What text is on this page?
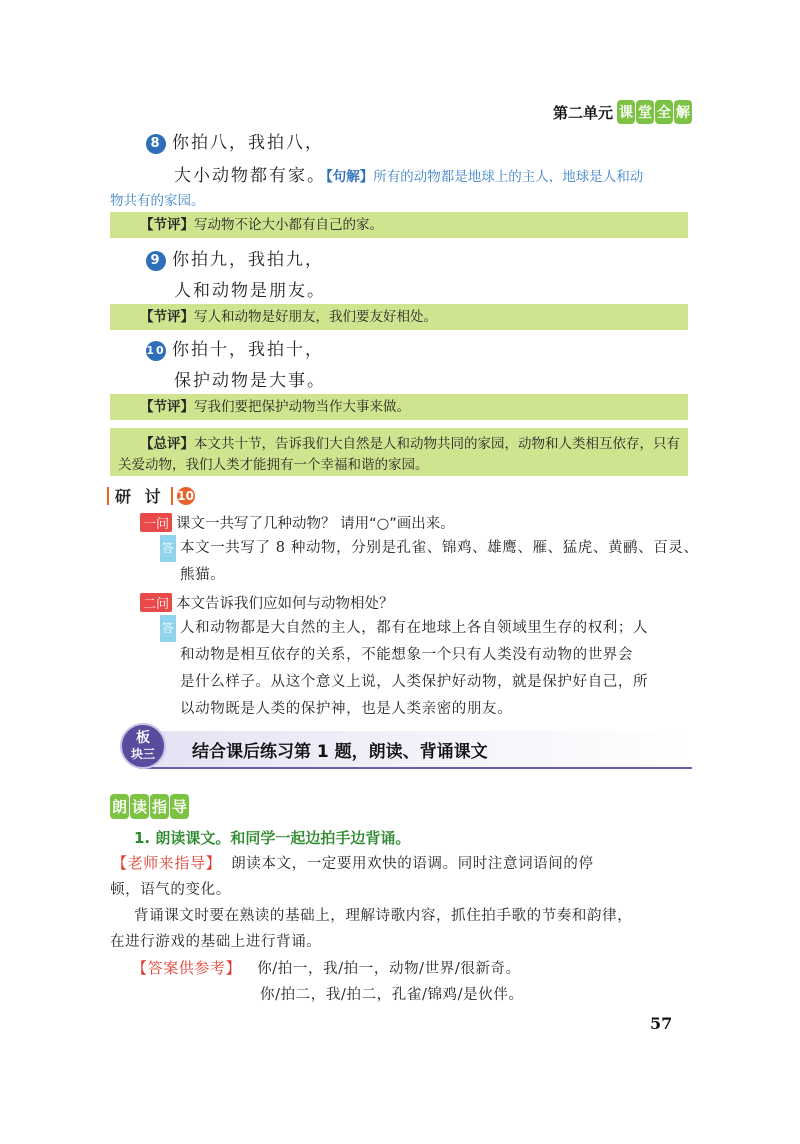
第二单元 课 堂 全 解
8 你拍八，我拍八，
大小动物都有家。【句解】所有的动物都是地球上的主人，地球是人和动
物共有的家园。
【节评】写动物不论大小都有自己的家。
9 你拍九，我拍九，
人和动物是朋友。
【节评】写人和动物是好朋友，我们要友好相处。
10 你拍十，我拍十，
保护动物是大事。
【节评】写我们要把保护动物当作大事来做。
【总评】本文共十节，告诉我们大自然是人和动物共同的家园，动物和人类相互依存，只有关爱动物，我们人类才能拥有一个幸福和谐的家园。
研 讨 10
一问 课文一共写了几种动物？ 请用“○”画出来。
答 本文一共写了 8 种动物，分别是孔雀、锦鸡、雄鹰、雁、猛虎、黄鹂、百灵、
熊猫。
二问 本文告诉我们应如何与动物相处？
答 人和动物都是大自然的主人，都有在地球上各自领域里生存的权利；人
和动物是相互依存的关系，不能想象一个只有人类没有动物的世界会
是什么样子。从这个意义上说，人类保护好动物，就是保护好自己，所
以动物既是人类的保护神，也是人类亲密的朋友。
板
块三 结合课后练习第 1 题，朗读、背诵课文
朗 读 指 导
1. 朗读课文。和同学一起边拍手边背诵。
【老师来指导】 朗读本文，一定要用欢快的语调。同时注意词语间的停
顿，语气的变化。
背诵课文时要在熟读的基础上，理解诗歌内容，抓住拍手歌的节奏和韵律，
在进行游戏的基础上进行背诵。
【答案供参考】 你/拍一，我/拍一，动物/世界/很新奇。
你/拍二，我/拍二，孔雀/锦鸡/是伙伴。
57
